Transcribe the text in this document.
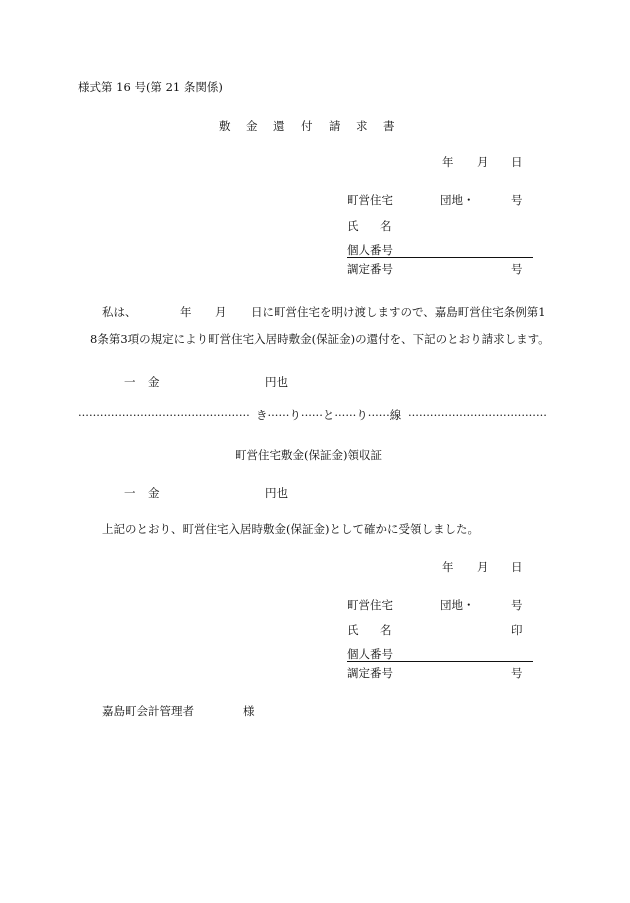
様式第 16 号(第 21 条関係)
敷 金 還 付 請 求 書
年 月 日
町営住宅	団地・	号
氏 名
個人番号
調定番号	号
私は、	年 月 日に町営住宅を明け渡しますので、嘉島町営住宅条例第1
8条第3項の規定により町営住宅入居時敷金(保証金)の還付を、下記のとおり請求します。
一 金	円也
··············································· き······り······と······り······線 ······································
町営住宅敷金(保証金)領収証
一 金	円也
上記のとおり、町営住宅入居時敷金(保証金)として確かに受領しました。
年 月 日
町営住宅	団地・	号
氏 名	印
個人番号
調定番号	号
嘉島町会計管理者	様
